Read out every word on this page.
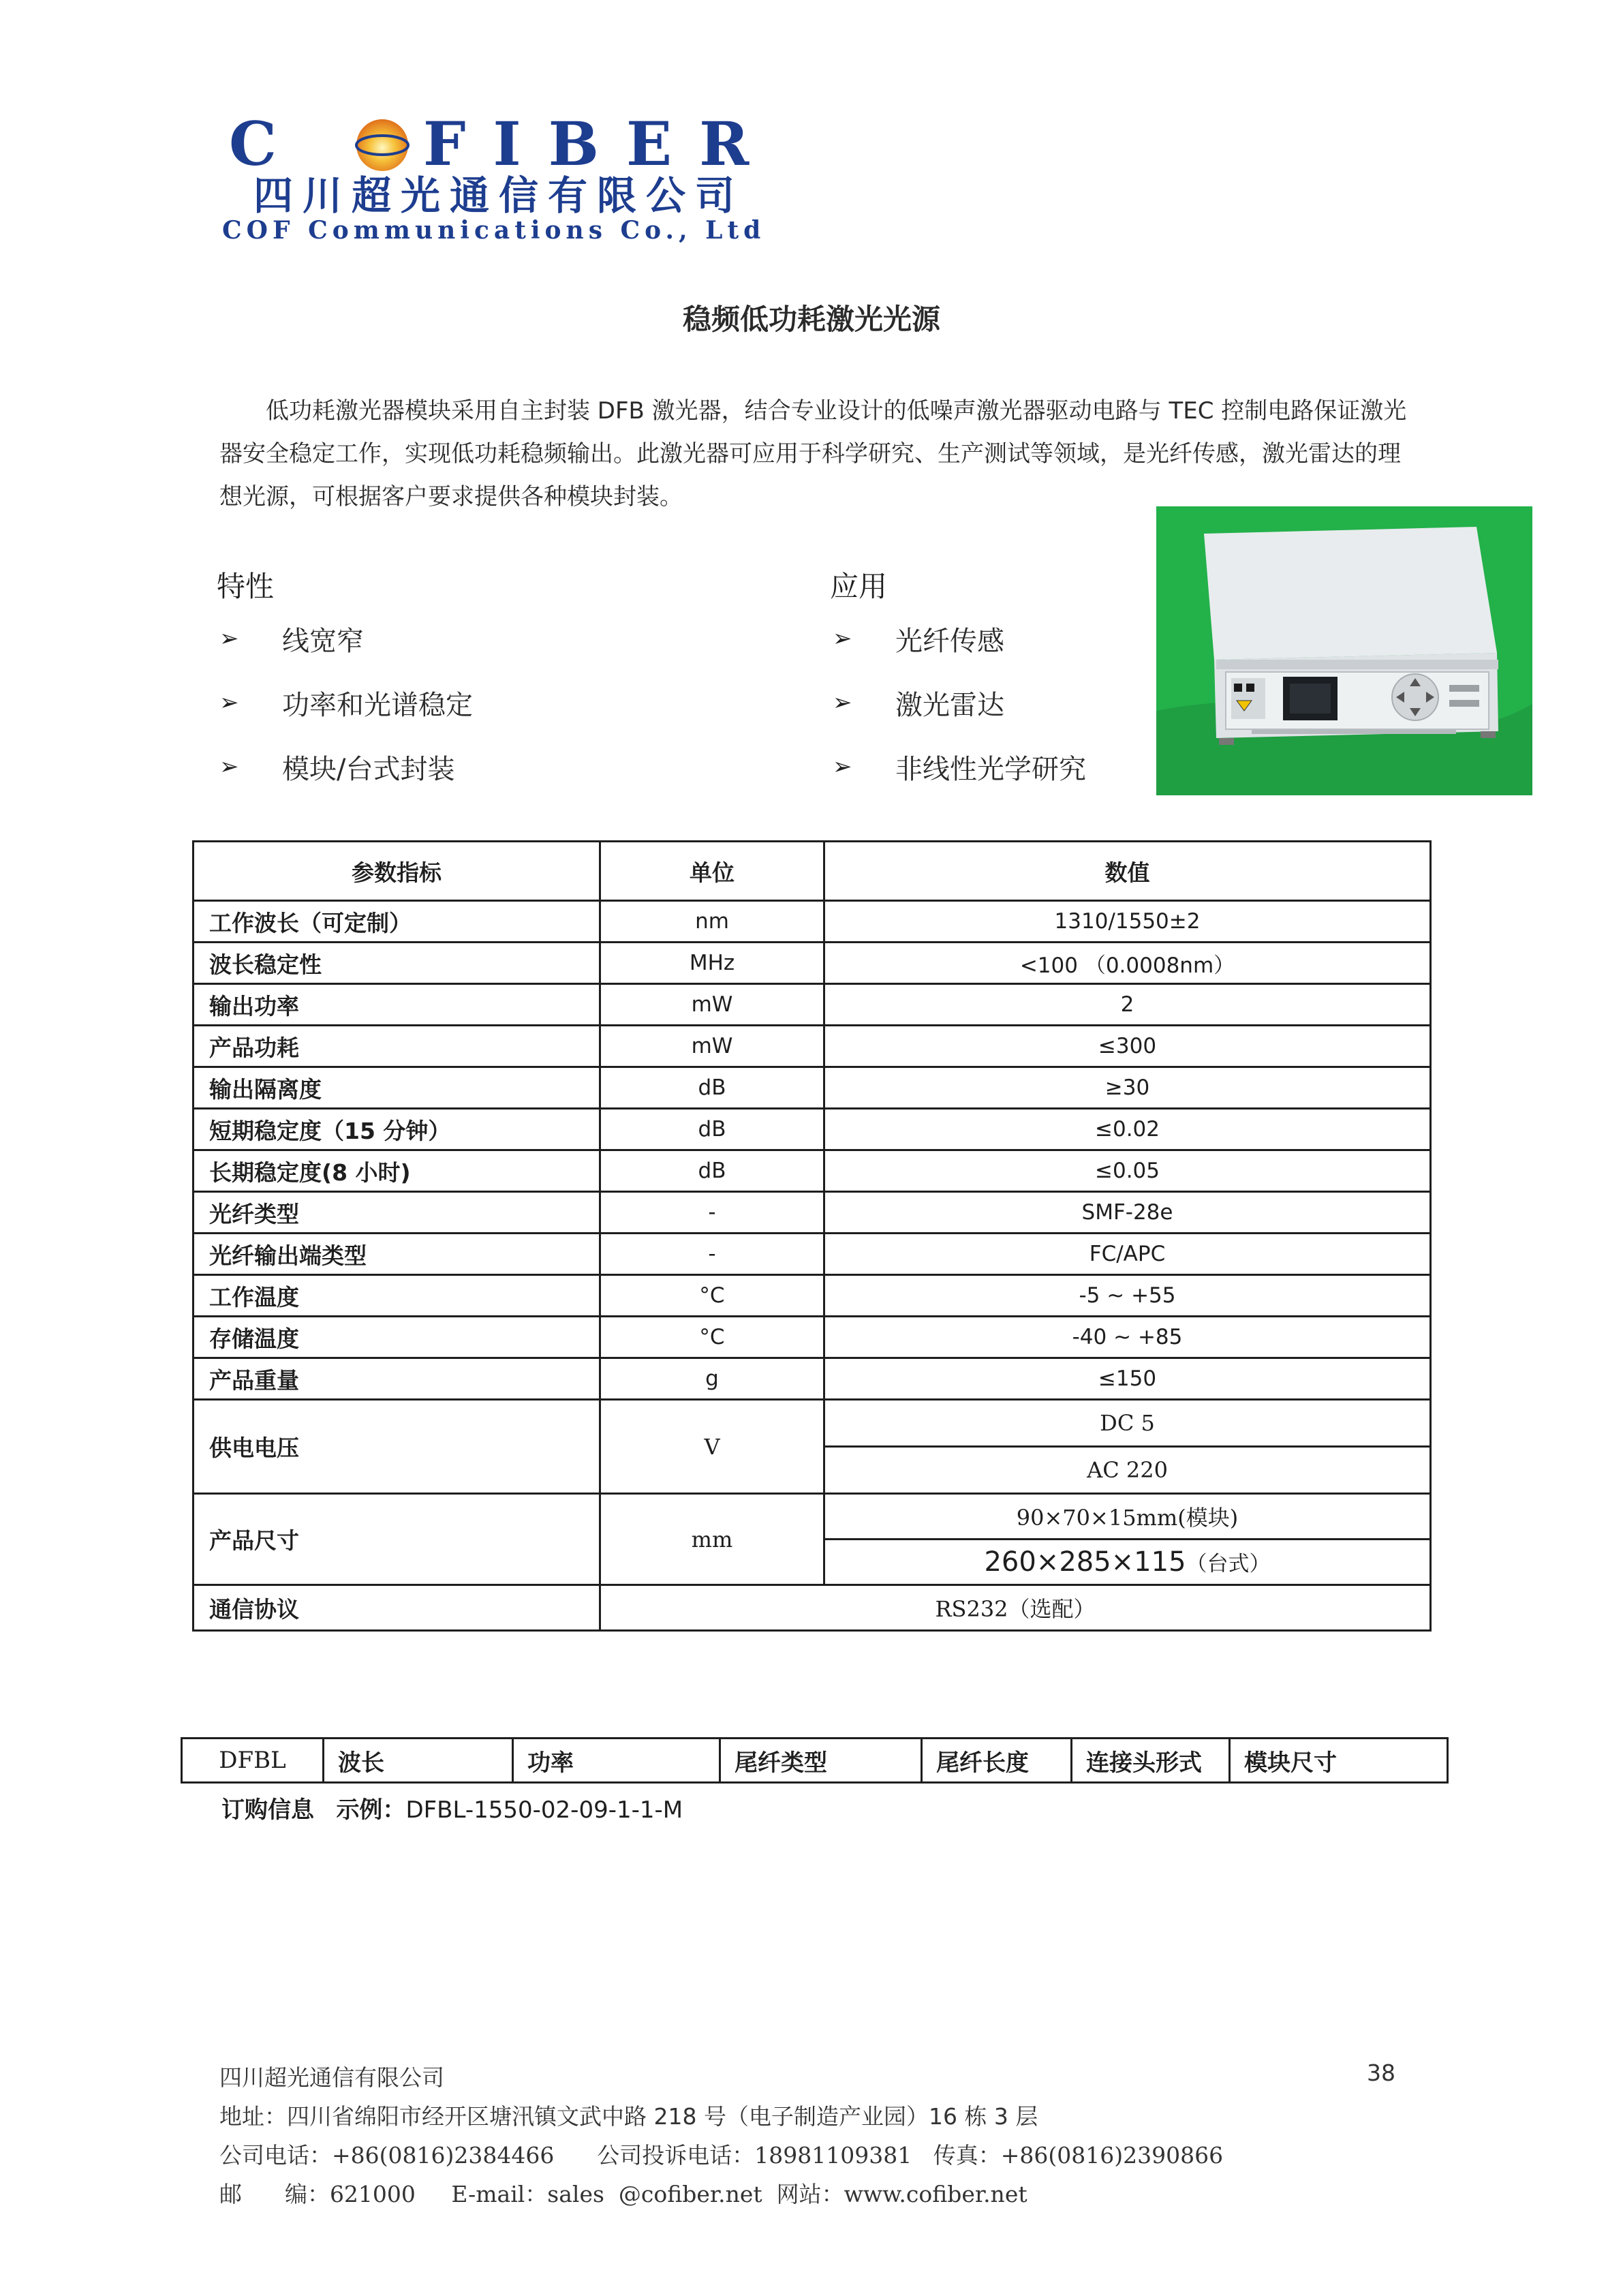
C FIBER
四川超光通信有限公司
COF Communications Co., Ltd
稳频低功耗激光光源

低功耗激光器模块采用自主封装 DFB 激光器，结合专业设计的低噪声激光器驱动电路与 TEC 控制电路保证激光器安全稳定工作，实现低功耗稳频输出。此激光器可应用于科学研究、生产测试等领域，是光纤传感，激光雷达的理想光源，可根据客户要求提供各种模块封装。

特性
➢	线宽窄
➢	功率和光谱稳定
➢	模块/台式封装
应用
➢	光纤传感
➢	激光雷达
➢	非线性光学研究
参数指标	单位	数值
工作波长（可定制）	nm	1310/1550±2
波长稳定性	MHz	<100 （0.0008nm）
输出功率	mW	2
产品功耗	mW	≤300
输出隔离度	dB	≥30
短期稳定度（15 分钟）	dB	≤0.02
长期稳定度(8 小时)	dB	≤0.05
光纤类型	-	SMF-28e
光纤输出端类型	-	FC/APC
工作温度	°C	-5 ~ +55
存储温度	°C	-40 ~ +85
产品重量	g	≤150
供电电压	V	DC 5
		AC 220
产品尺寸	mm	90×70×15mm(模块)
		260×285×115（台式）
通信协议	RS232（选配）	
DFBL	波长	功率	尾纤类型	尾纤长度	连接头形式	模块尺寸
订购信息 示例：DFBL-1550-02-09-1-1-M
四川超光通信有限公司
地址：四川省绵阳市经开区塘汛镇文武中路 218 号（电子制造产业园）16 栋 3 层
公司电话：+86(0816)2384466 公司投诉电话：18981109381 传真：+86(0816)2390866
邮      编：621000 E-mail：sales  @cofiber.net 网站：www.cofiber.net
38
